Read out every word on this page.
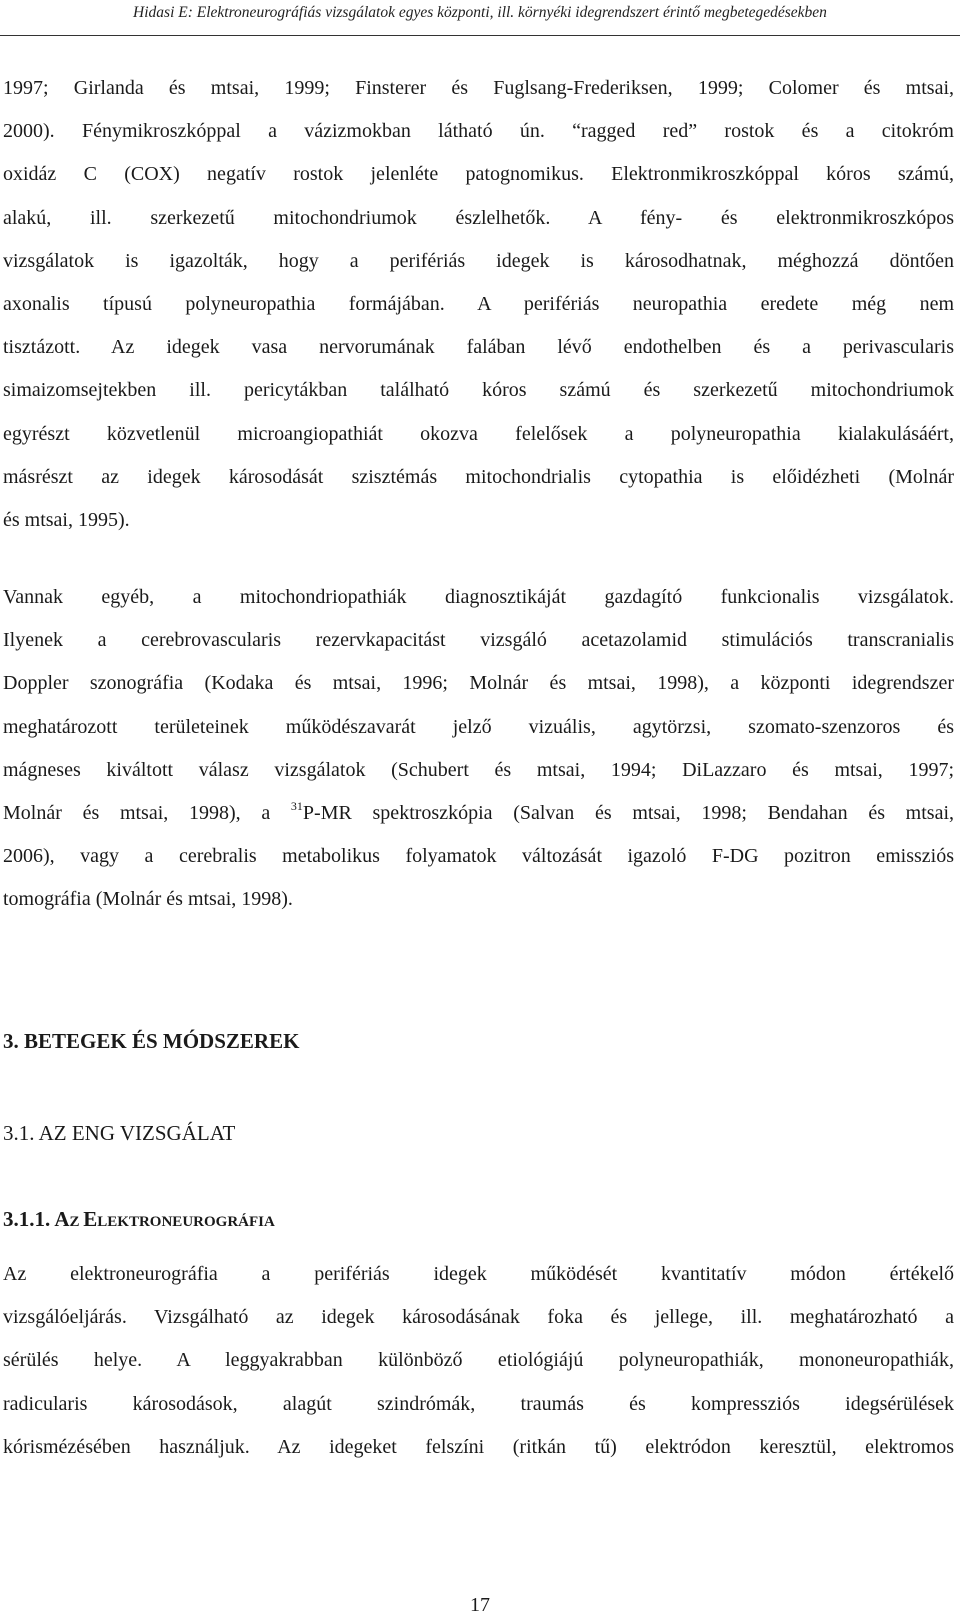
Hidasi E: Elektroneurográfiás vizsgálatok egyes központi, ill. környéki idegrendszert érintő megbetegedésekben
1997; Girlanda és mtsai, 1999; Finsterer és Fuglsang-Frederiksen, 1999; Colomer és mtsai,
2000). Fénymikroszkóppal a vázizmokban látható ún. “ragged red” rostok és a citokróm
oxidáz C (COX) negatív rostok jelenléte patognomikus. Elektronmikroszkóppal kóros számú,
alakú, ill. szerkezetű mitochondriumok észlelhetők. A fény- és elektronmikroszkópos
vizsgálatok is igazolták, hogy a perifériás idegek is károsodhatnak, méghozzá döntően
axonalis típusú polyneuropathia formájában. A perifériás neuropathia eredete még nem
tisztázott. Az idegek vasa nervorumának falában lévő endothelben és a perivascularis
simaizomsejtekben ill. pericytákban található kóros számú és szerkezetű mitochondriumok
egyrészt közvetlenül microangiopathiát okozva felelősek a polyneuropathia kialakulásáért,
másrészt az idegek károsodását szisztémás mitochondrialis cytopathia is előidézheti (Molnár
és mtsai, 1995).
Vannak egyéb, a mitochondriopathiák diagnosztikáját gazdagító funkcionalis vizsgálatok.
Ilyenek a cerebrovascularis rezervkapacitást vizsgáló acetazolamid stimulációs transcranialis
Doppler szonográfia (Kodaka és mtsai, 1996; Molnár és mtsai, 1998), a központi idegrendszer
meghatározott területeinek működészavarát jelző vizuális, agytörzsi, szomato-szenzoros és
mágneses kiváltott válasz vizsgálatok (Schubert és mtsai, 1994; DiLazzaro és mtsai, 1997;
Molnár és mtsai, 1998), a $^{31}$P-MR spektroszkópia (Salvan és mtsai, 1998; Bendahan és mtsai,
2006), vagy a cerebralis metabolikus folyamatok változását igazoló F-DG pozitron emissziós
tomográfia (Molnár és mtsai, 1998).
3. BETEGEK ÉS MÓDSZEREK
3.1. AZ ENG VIZSGÁLAT
3.1.1. AZ ELEKTRONEUROGRÁFIA
Az elektroneurográfia a perifériás idegek működését kvantitatív módon értékelő
vizsgálóeljárás. Vizsgálható az idegek károsodásának foka és jellege, ill. meghatározható a
sérülés helye. A leggyakrabban különböző etiológiájú polyneuropathiák, mononeuropathiák,
radicularis károsodások, alagút szindrómák, traumás és kompressziós idegsérülések
kórismézésében használjuk. Az idegeket felszíni (ritkán tű) elektródon keresztül, elektromos
17
